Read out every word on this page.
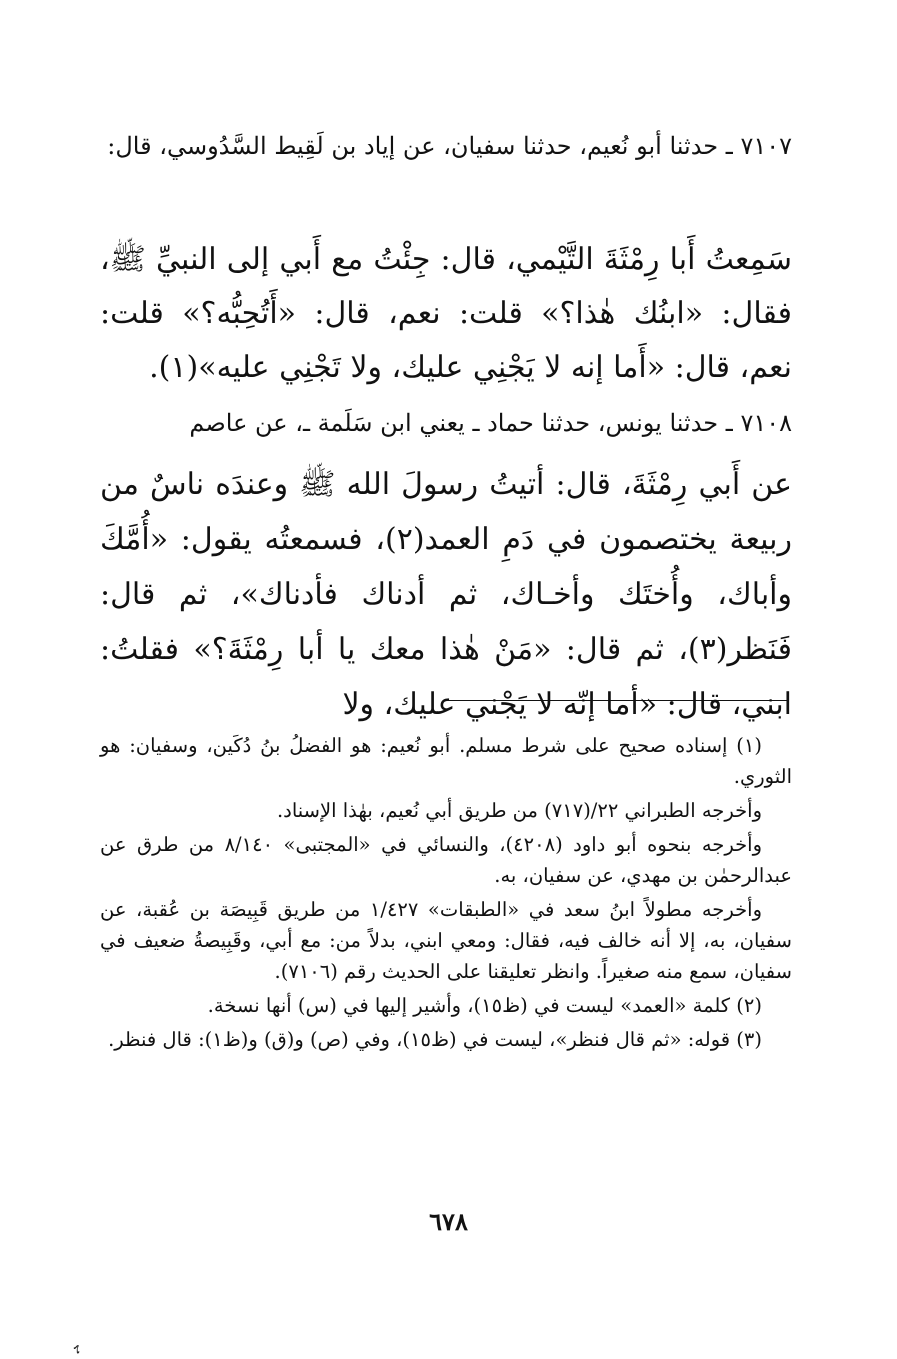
٧١٠٧ ـ حدثنا أبو نُعيم، حدثنا سفيان، عن إياد بن لَقِيط السَّدُوسي، قال:
سَمِعتُ أَبا رِمْثَةَ التَّيْمي، قال: جِئْتُ مع أَبي إلى النبيِّ ﷺ، فقال: «ابنُك هٰذا؟» قلت: نعم، قال: «أَتُحِبُّه؟» قلت: نعم، قال: «أَما إنه لا يَجْنِي عليك، ولا تَجْنِي عليه»(١).
٧١٠٨ ـ حدثنا يونس، حدثنا حماد ـ يعني ابن سَلَمة ـ، عن عاصم
عن أَبي رِمْثَةَ، قال: أتيتُ رسولَ الله ﷺ وعندَه ناسٌ من ربيعة يختصمون في دَمِ العمد(٢)، فسمعتُه يقول: «أُمَّكَ وأباك، وأُختَك وأخـاك، ثم أدناك فأدناك»، ثم قال: فَنَظر(٣)، ثم قال: «مَنْ هٰذا معك يا أبا رِمْثَةَ؟» فقلتُ: ابني، قال: «أما إنّه لا يَجْني عليك، ولا

(١) إسناده صحيح على شرط مسلم. أبو نُعيم: هو الفضلُ بنُ دُكَين، وسفيان: هو الثوري.

وأخرجه الطبراني ٢٢/(٧١٧) من طريق أبي نُعيم، بهٰذا الإسناد.

وأخرجه بنحوه أبو داود (٤٢٠٨)، والنسائي في «المجتبى» ٨/١٤٠ من طرق عن عبدالرحمٰن بن مهدي، عن سفيان، به.

وأخرجه مطولاً ابنُ سعد في «الطبقات» ١/٤٢٧ من طريق قَبِيصَة بن عُقبة، عن سفيان، به، إلا أنه خالف فيه، فقال: ومعي ابني، بدلاً من: مع أبي، وقَبِيصةُ ضعيف في سفيان، سمع منه صغيراً. وانظر تعليقنا على الحديث رقم (٧١٠٦).

(٢) كلمة «العمد» ليست في (ظ١٥)، وأشير إليها في (س) أنها نسخة.

(٣) قوله: «ثم قال فنظر»، ليست في (ظ١٥)، وفي (ص) و(ق) و(ظ١): قال فنظر.

٦٧٨
ﮨ
